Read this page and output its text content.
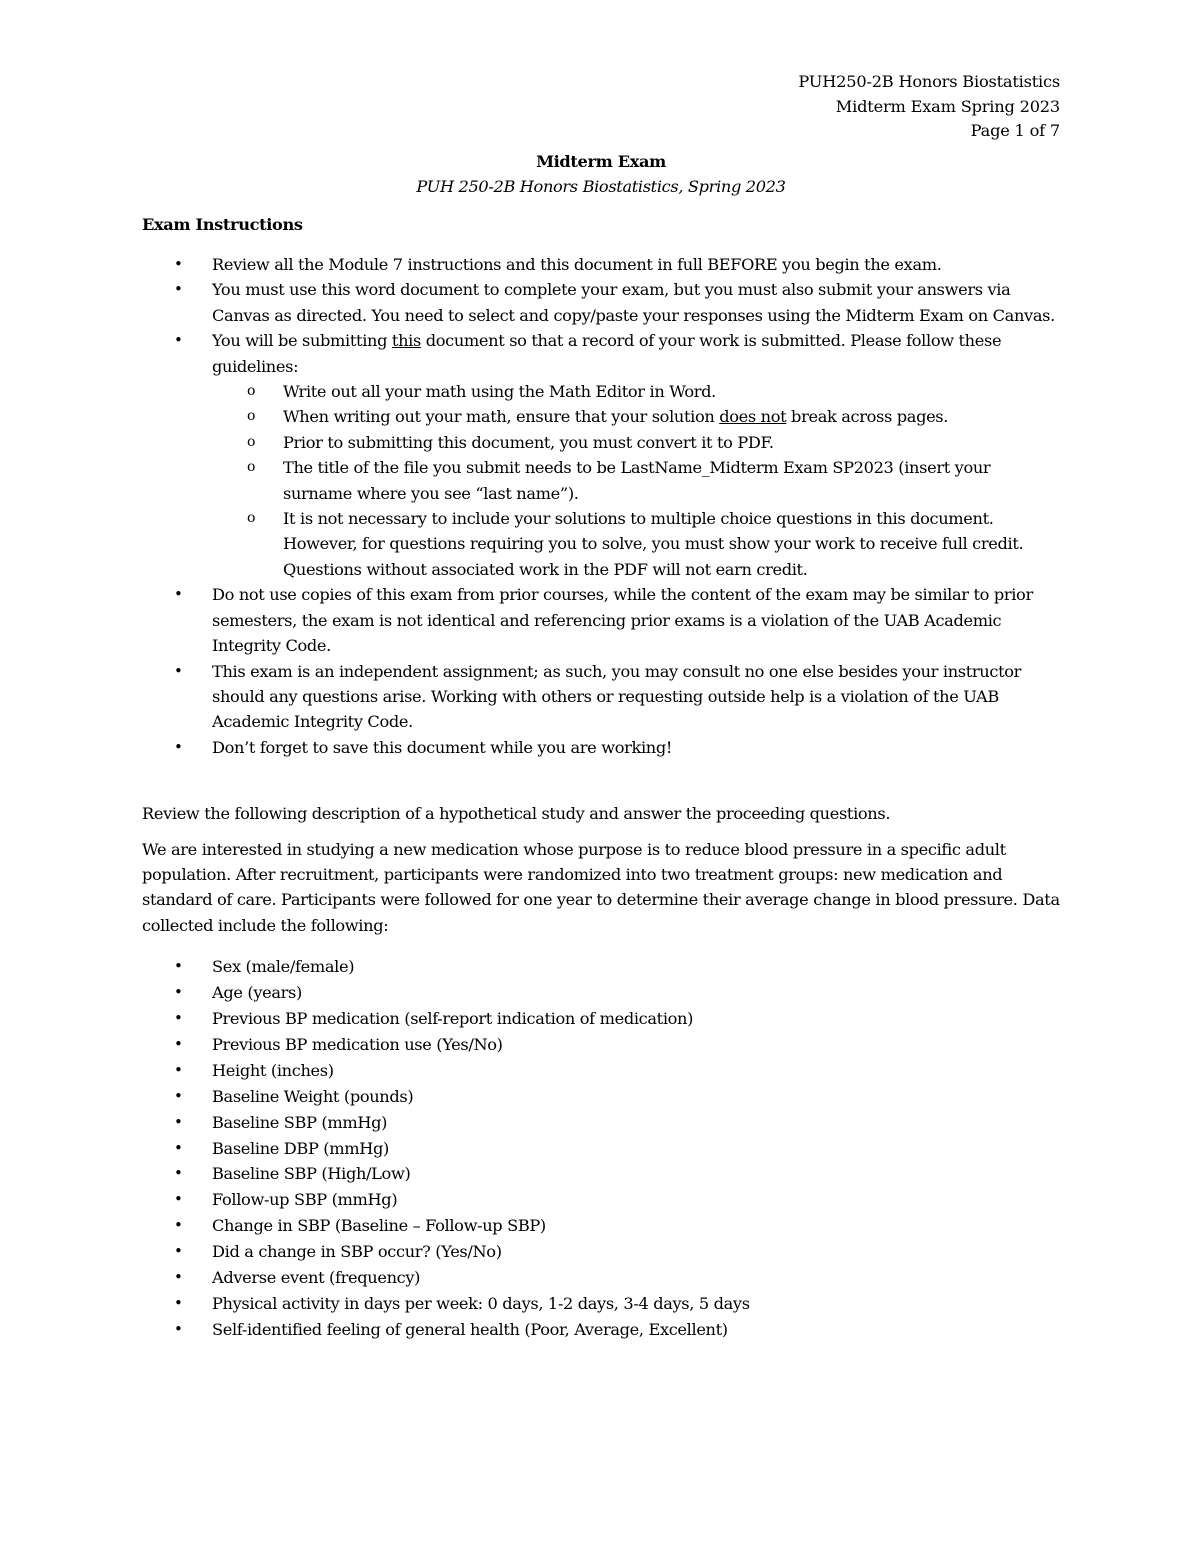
PUH250-2B Honors Biostatistics
Midterm Exam Spring 2023
Page 1 of 7
Midterm Exam
PUH 250-2B Honors Biostatistics, Spring 2023
Exam Instructions
• Review all the Module 7 instructions and this document in full BEFORE you begin the exam.
• You must use this word document to complete your exam, but you must also submit your answers via Canvas as directed. You need to select and copy/paste your responses using the Midterm Exam on Canvas.
• You will be submitting this document so that a record of your work is submitted. Please follow these guidelines:
o Write out all your math using the Math Editor in Word.
o When writing out your math, ensure that your solution does not break across pages.
o Prior to submitting this document, you must convert it to PDF.
o The title of the file you submit needs to be LastName_Midterm Exam SP2023 (insert your surname where you see “last name”).
o It is not necessary to include your solutions to multiple choice questions in this document. However, for questions requiring you to solve, you must show your work to receive full credit. Questions without associated work in the PDF will not earn credit.
• Do not use copies of this exam from prior courses, while the content of the exam may be similar to prior semesters, the exam is not identical and referencing prior exams is a violation of the UAB Academic Integrity Code.
• This exam is an independent assignment; as such, you may consult no one else besides your instructor should any questions arise. Working with others or requesting outside help is a violation of the UAB Academic Integrity Code.
• Don’t forget to save this document while you are working!

Review the following description of a hypothetical study and answer the proceeding questions.

We are interested in studying a new medication whose purpose is to reduce blood pressure in a specific adult population. After recruitment, participants were randomized into two treatment groups: new medication and standard of care. Participants were followed for one year to determine their average change in blood pressure. Data collected include the following:

• Sex (male/female)
• Age (years)
• Previous BP medication (self-report indication of medication)
• Previous BP medication use (Yes/No)
• Height (inches)
• Baseline Weight (pounds)
• Baseline SBP (mmHg)
• Baseline DBP (mmHg)
• Baseline SBP (High/Low)
• Follow-up SBP (mmHg)
• Change in SBP (Baseline – Follow-up SBP)
• Did a change in SBP occur? (Yes/No)
• Adverse event (frequency)
• Physical activity in days per week: 0 days, 1-2 days, 3-4 days, 5 days
• Self-identified feeling of general health (Poor, Average, Excellent)
